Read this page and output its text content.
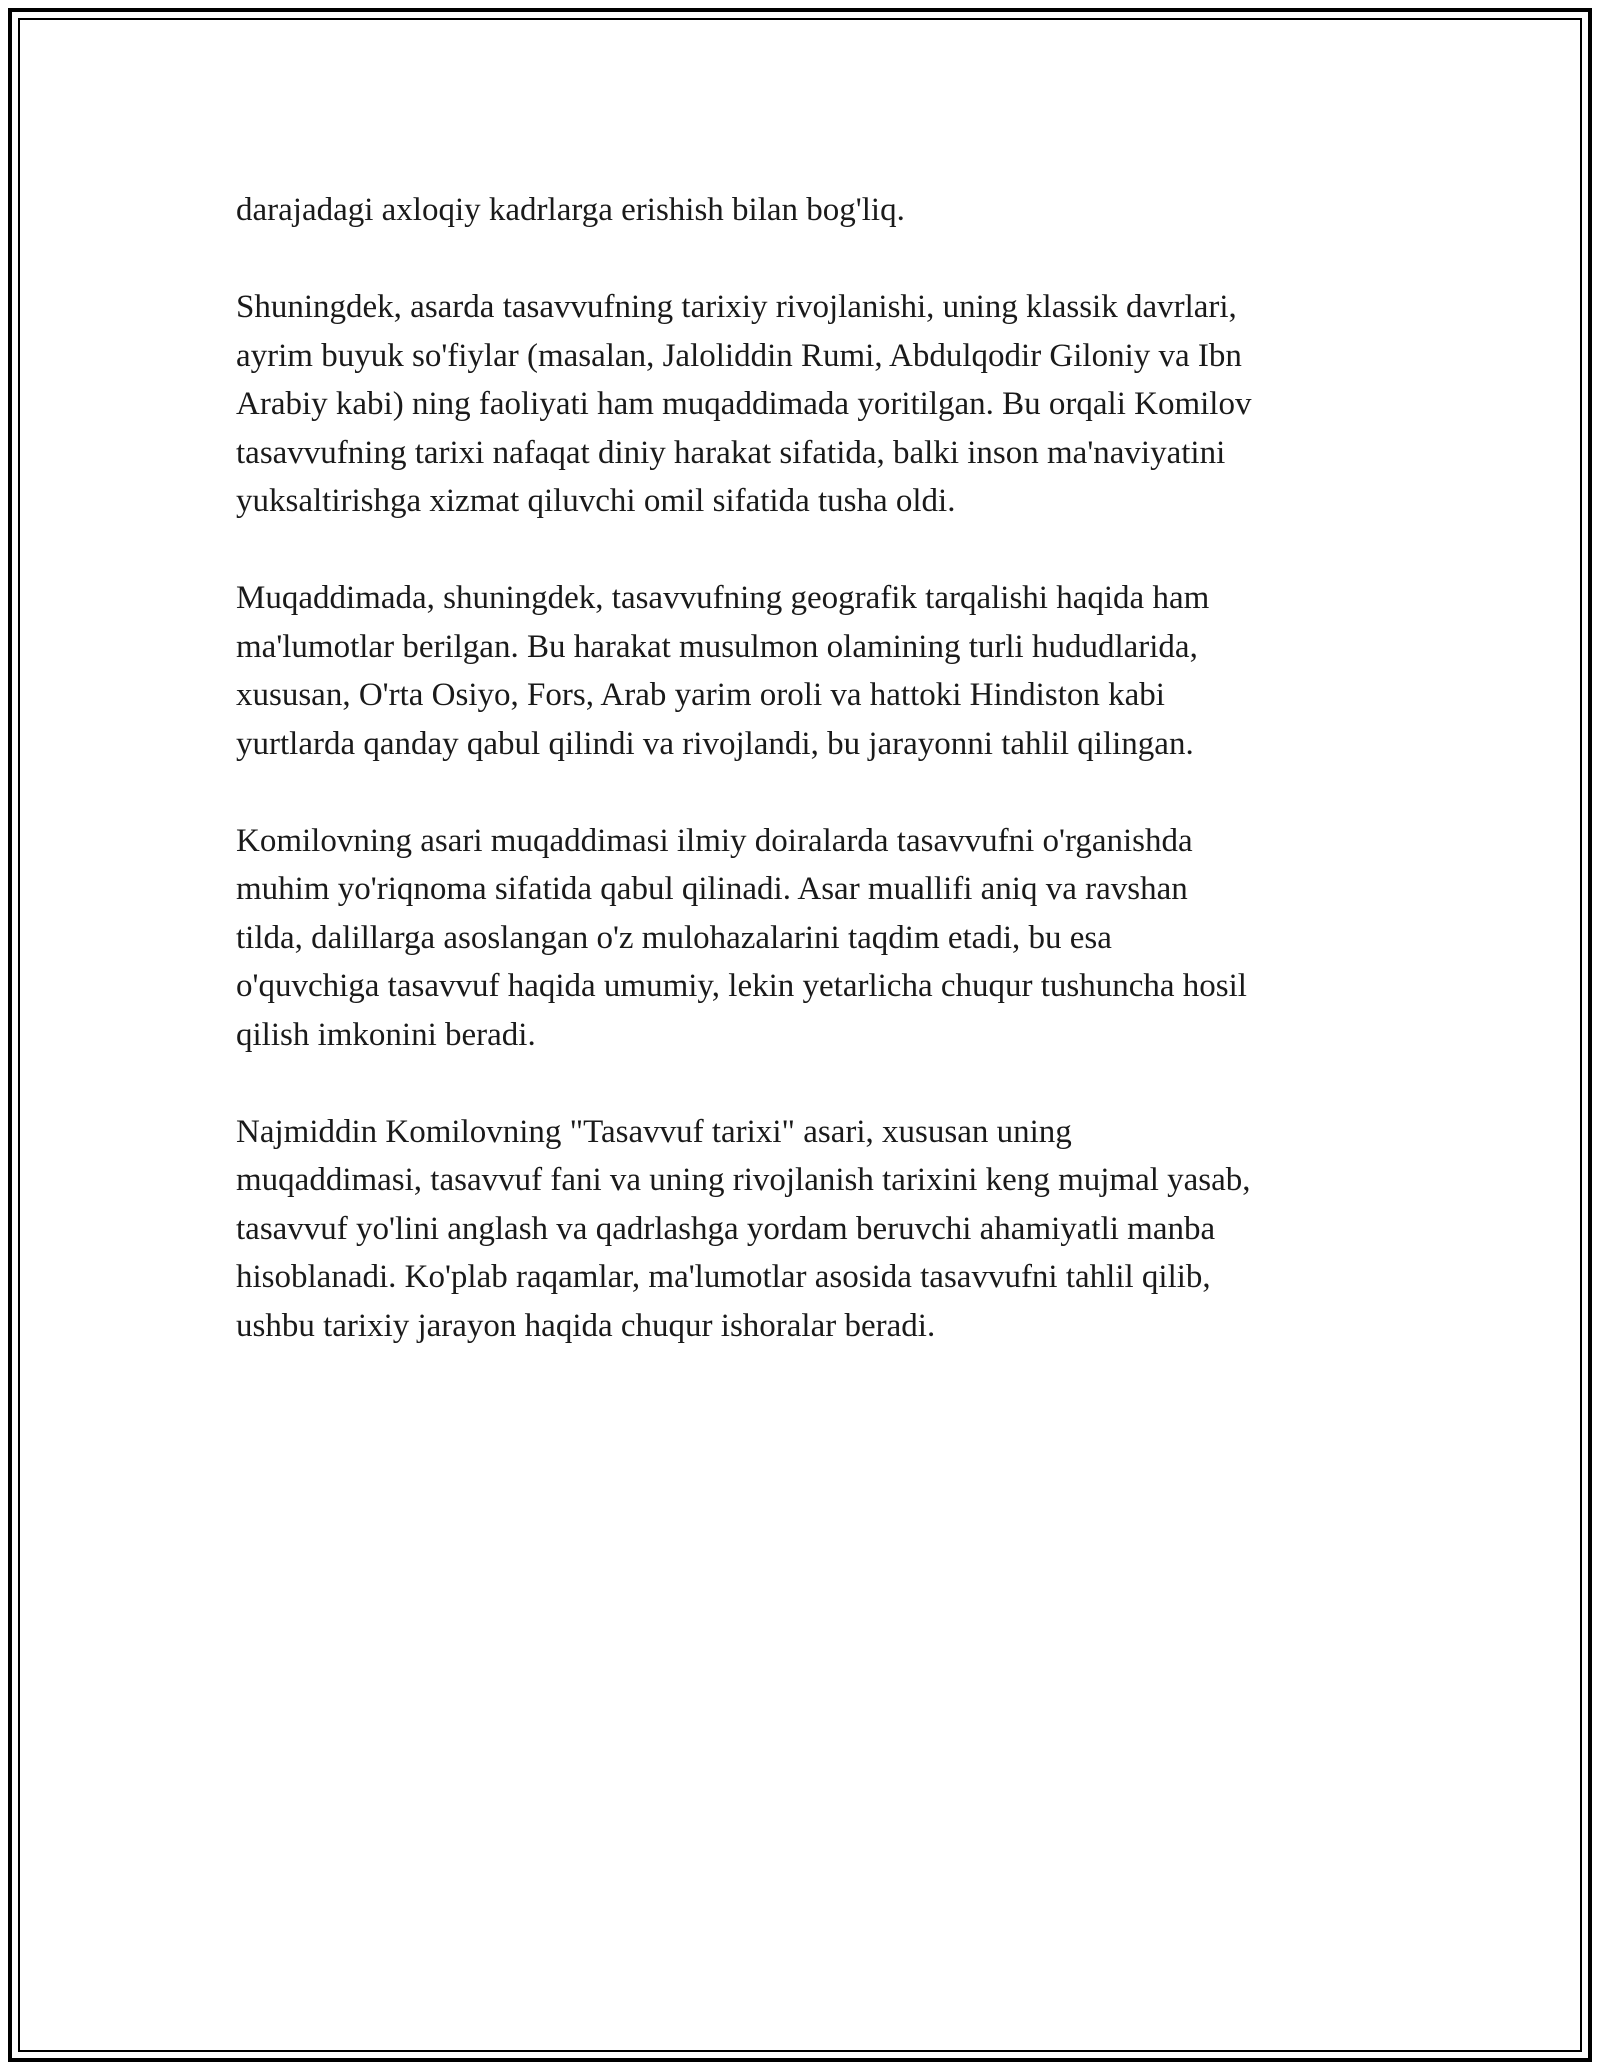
darajadagi axloqiy kadrlarga erishish bilan bog'liq.

Shuningdek, asarda tasavvufning tarixiy rivojlanishi, uning klassik davrlari,
ayrim buyuk so'fiylar (masalan, Jaloliddin Rumi, Abdulqodir Giloniy va Ibn
Arabiy kabi) ning faoliyati ham muqaddimada yoritilgan. Bu orqali Komilov
tasavvufning tarixi nafaqat diniy harakat sifatida, balki inson ma'naviyatini
yuksaltirishga xizmat qiluvchi omil sifatida tusha oldi.

Muqaddimada, shuningdek, tasavvufning geografik tarqalishi haqida ham
ma'lumotlar berilgan. Bu harakat musulmon olamining turli hududlarida,
xususan, O'rta Osiyo, Fors, Arab yarim oroli va hattoki Hindiston kabi
yurtlarda qanday qabul qilindi va rivojlandi, bu jarayonni tahlil qilingan.

Komilovning asari muqaddimasi ilmiy doiralarda tasavvufni o'rganishda
muhim yo'riqnoma sifatida qabul qilinadi. Asar muallifi aniq va ravshan
tilda, dalillarga asoslangan o'z mulohazalarini taqdim etadi, bu esa
o'quvchiga tasavvuf haqida umumiy, lekin yetarlicha chuqur tushuncha hosil
qilish imkonini beradi.

Najmiddin Komilovning "Tasavvuf tarixi" asari, xususan uning
muqaddimasi, tasavvuf fani va uning rivojlanish tarixini keng mujmal yasab,
tasavvuf yo'lini anglash va qadrlashga yordam beruvchi ahamiyatli manba
hisoblanadi. Ko'plab raqamlar, ma'lumotlar asosida tasavvufni tahlil qilib,
ushbu tarixiy jarayon haqida chuqur ishoralar beradi.
